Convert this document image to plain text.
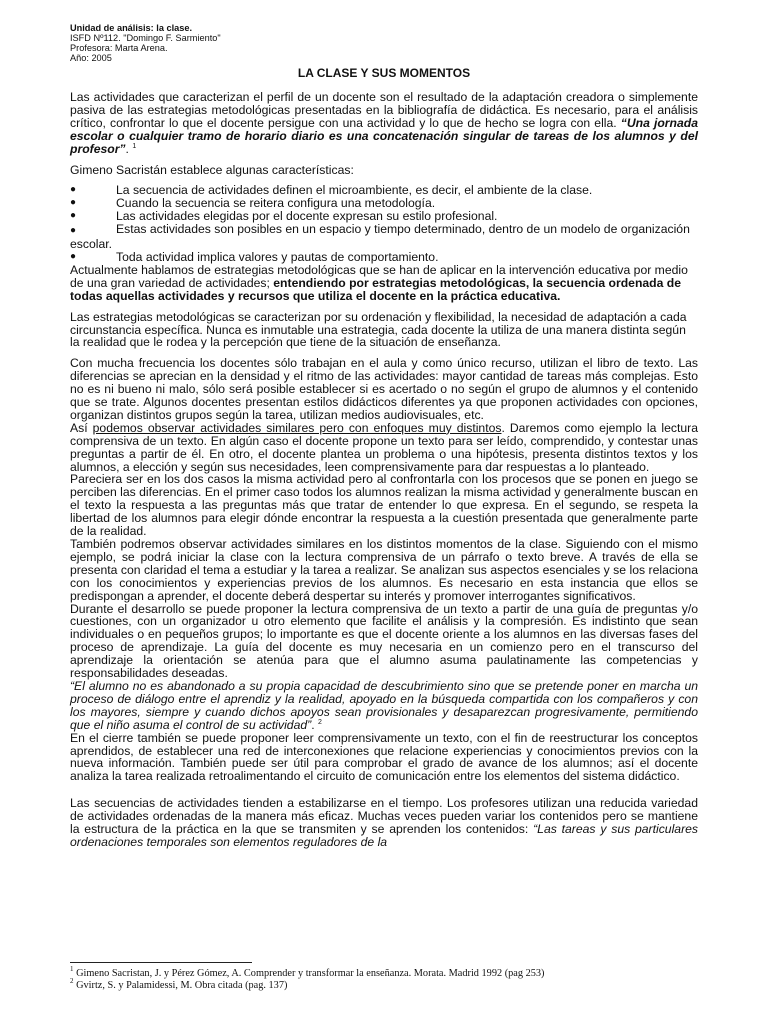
Unidad de análisis: la clase.
ISFD Nº112. "Domingo F. Sarmiento"
Profesora: Marta Arena.
Año: 2005
LA CLASE Y SUS MOMENTOS

Las actividades que caracterizan el perfil de un docente son el resultado de la adaptación creadora o simplemente pasiva de las estrategias metodológicas presentadas en la bibliografía de didáctica. Es necesario, para el análisis crítico, confrontar lo que el docente persigue con una actividad y lo que de hecho se logra con ella. “Una jornada escolar o cualquier tramo de horario diario es una concatenación singular de tareas de los alumnos y del profesor”. $^1$

Gimeno Sacristán establece algunas características:

●	La secuencia de actividades definen el microambiente, es decir, el ambiente de la clase.
●	Cuando la secuencia se reitera configura una metodología.
●	Las actividades elegidas por el docente expresan su estilo profesional.
●	Estas actividades son posibles en un espacio y tiempo determinado, dentro de un modelo de organización escolar.
●	Toda actividad implica valores y pautas de comportamiento.

Actualmente hablamos de estrategias metodológicas que se han de aplicar en la intervención educativa por medio de una gran variedad de actividades; entendiendo por estrategias metodológicas, la secuencia ordenada de todas aquellas actividades y recursos que utiliza el docente en la práctica educativa.

Las estrategias metodológicas se caracterizan por su ordenación y flexibilidad, la necesidad de adaptación a cada circunstancia específica. Nunca es inmutable una estrategia, cada docente la utiliza de una manera distinta según la realidad que le rodea y la percepción que tiene de la situación de enseñanza.

Con mucha frecuencia los docentes sólo trabajan en el aula y como único recurso, utilizan el libro de texto. Las diferencias se aprecian en la densidad y el ritmo de las actividades: mayor cantidad de tareas más complejas. Esto no es ni bueno ni malo, sólo será posible establecer si es acertado o no según el grupo de alumnos y el contenido que se trate. Algunos docentes presentan estilos didácticos diferentes ya que proponen actividades con opciones, organizan distintos grupos según la tarea, utilizan medios audiovisuales, etc.

Así podemos observar actividades similares pero con enfoques muy distintos. Daremos como ejemplo la lectura comprensiva de un texto. En algún caso el docente propone un texto para ser leído, comprendido, y contestar unas preguntas a partir de él. En otro, el docente plantea un problema o una hipótesis, presenta distintos textos y los alumnos, a elección y según sus necesidades, leen comprensivamente para dar respuestas a lo planteado.

Pareciera ser en los dos casos la misma actividad pero al confrontarla con los procesos que se ponen en juego se perciben las diferencias. En el primer caso todos los alumnos realizan la misma actividad y generalmente buscan en el texto la respuesta a las preguntas más que tratar de entender lo que expresa. En el segundo, se respeta la libertad de los alumnos para elegir dónde encontrar la respuesta a la cuestión presentada que generalmente parte de la realidad.

También podremos observar actividades similares en los distintos momentos de la clase. Siguiendo con el mismo ejemplo, se podrá iniciar la clase con la lectura comprensiva de un párrafo o texto breve. A través de ella se presenta con claridad el tema a estudiar y la tarea a realizar. Se analizan sus aspectos esenciales y se los relaciona con los conocimientos y experiencias previos de los alumnos. Es necesario en esta instancia que ellos se predispongan a aprender, el docente deberá despertar su interés y promover interrogantes significativos.

Durante el desarrollo se puede proponer la lectura comprensiva de un texto a partir de una guía de preguntas y/o cuestiones, con un organizador u otro elemento que facilite el análisis y la compresión. Es indistinto que sean individuales o en pequeños grupos; lo importante es que el docente oriente a los alumnos en las diversas fases del proceso de aprendizaje. La guía del docente es muy necesaria en un comienzo pero en el transcurso del aprendizaje la orientación se atenúa para que el alumno asuma paulatinamente las competencias y responsabilidades deseadas.

“El alumno no es abandonado a su propia capacidad de descubrimiento sino que se pretende poner en marcha un proceso de diálogo entre el aprendiz y la realidad, apoyado en la búsqueda compartida con los compañeros y con los mayores, siempre y cuando dichos apoyos sean provisionales y desaparezcan progresivamente, permitiendo que el niño asuma el control de su actividad”. $^2$

En el cierre también se puede proponer leer comprensivamente un texto, con el fin de reestructurar los conceptos aprendidos, de establecer una red de interconexiones que relacione experiencias y conocimientos previos con la nueva información. También puede ser útil para comprobar el grado de avance de los alumnos; así el docente analiza la tarea realizada retroalimentando el circuito de comunicación entre los elementos del sistema didáctico.

Las secuencias de actividades tienden a estabilizarse en el tiempo. Los profesores utilizan una reducida variedad de actividades ordenadas de la manera más eficaz. Muchas veces pueden variar los contenidos pero se mantiene la estructura de la práctica en la que se transmiten y se aprenden los contenidos: “Las tareas y sus particulares ordenaciones temporales son elementos reguladores de la

$^1$ Gimeno Sacristan, J. y Pérez Gómez, A. Comprender y transformar la enseñanza. Morata. Madrid 1992 (pag 253)

$^2$ Gvirtz, S. y Palamidessi, M. Obra citada (pag. 137)
